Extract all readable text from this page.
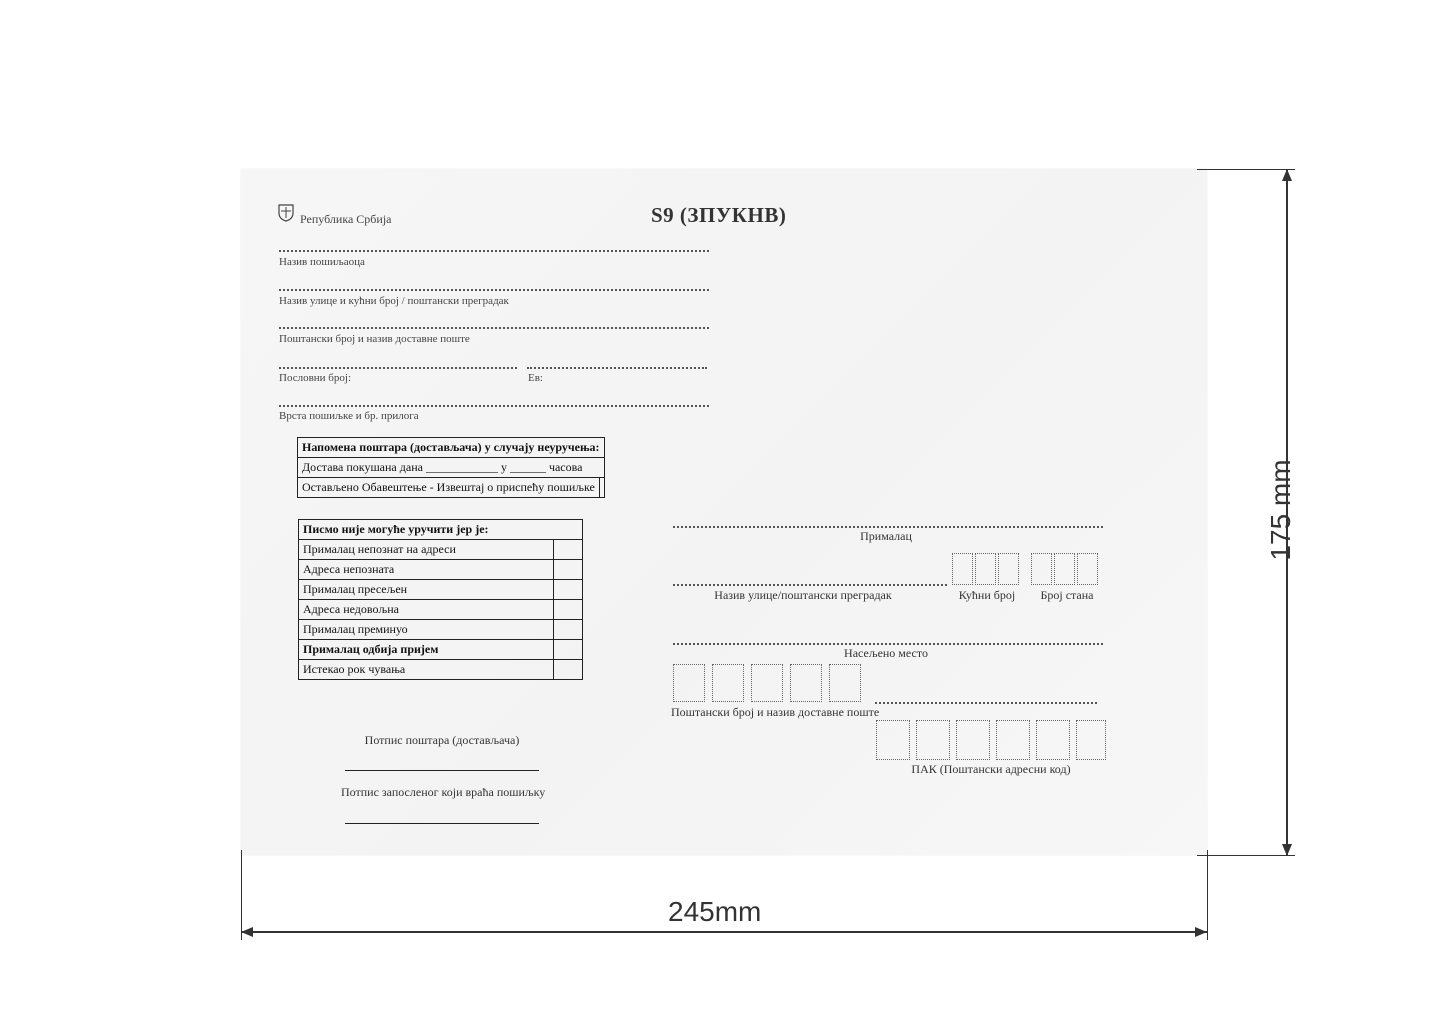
Република Србија	S9 (ЗПУКНВ)
Назив пошиљаоца
Назив улице и кућни број / поштански преградак
Поштански број и назив доставне поште
Пословни број:	Ев:
Врста пошиљке и бр. прилога
Напомена поштара (достављача) у случају неуручења:
Достава покушана дана ____________ у ______ часова
Остављено Обавештење - Извештај о приспећу пошиљке	
Писмо није могуће уручити јер је:	
Прималац непознат на адреси	
Адреса непозната	
Прималац пресељен	
Адреса недовољна	
Прималац преминуо	
Прималац одбија пријем	
Истекао рок чувања	
Потпис поштара (достављача)
Потпис запосленог који враћа пошиљку
Прималац
Назив улице/поштански преградак	Кућни број	Број стана
Насељено место
Поштански број и назив доставне поште
ПАК (Поштански адресни код)
245mm
175 mm
